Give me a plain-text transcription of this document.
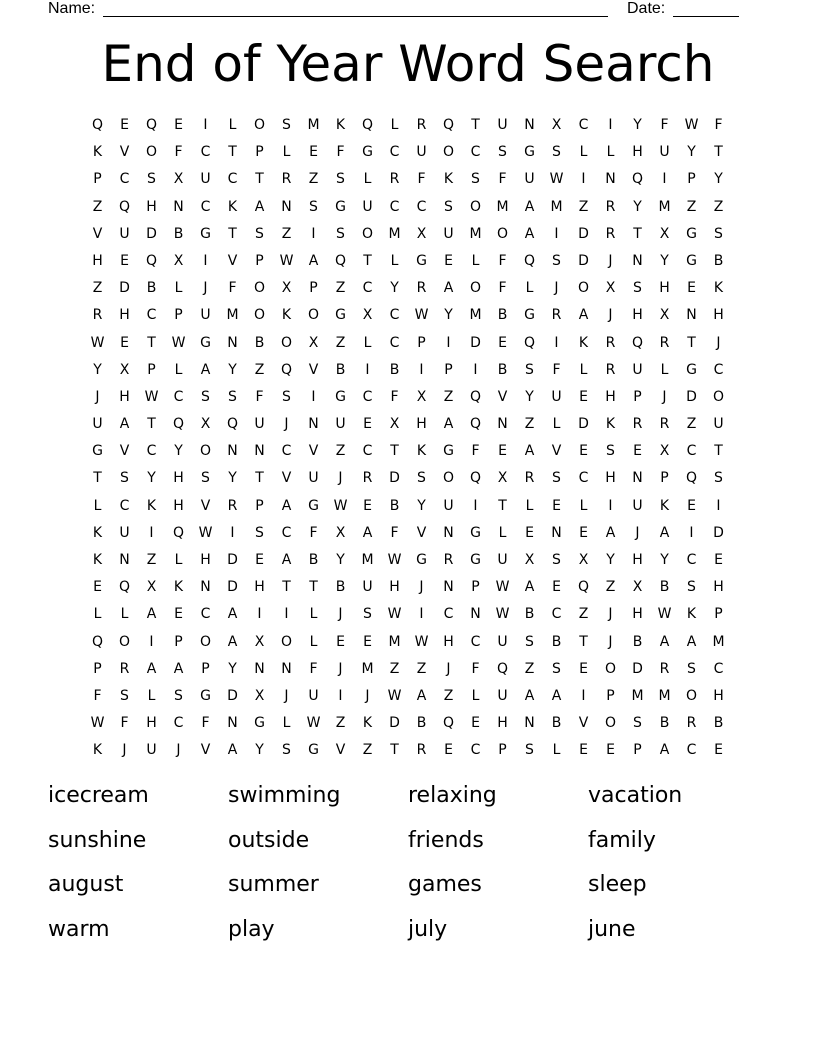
Name:	Date:
End of Year Word Search
Q	E	Q	E	I	L	O	S	M	K	Q	L	R	Q	T	U	N	X	C	I	Y	F	W	F
K	V	O	F	C	T	P	L	E	F	G	C	U	O	C	S	G	S	L	L	H	U	Y	T
P	C	S	X	U	C	T	R	Z	S	L	R	F	K	S	F	U	W	I	N	Q	I	P	Y
Z	Q	H	N	C	K	A	N	S	G	U	C	C	S	O	M	A	M	Z	R	Y	M	Z	Z
V	U	D	B	G	T	S	Z	I	S	O	M	X	U	M	O	A	I	D	R	T	X	G	S
H	E	Q	X	I	V	P	W	A	Q	T	L	G	E	L	F	Q	S	D	J	N	Y	G	B
Z	D	B	L	J	F	O	X	P	Z	C	Y	R	A	O	F	L	J	O	X	S	H	E	K
R	H	C	P	U	M	O	K	O	G	X	C	W	Y	M	B	G	R	A	J	H	X	N	H
W	E	T	W	G	N	B	O	X	Z	L	C	P	I	D	E	Q	I	K	R	Q	R	T	J
Y	X	P	L	A	Y	Z	Q	V	B	I	B	I	P	I	B	S	F	L	R	U	L	G	C
J	H	W	C	S	S	F	S	I	G	C	F	X	Z	Q	V	Y	U	E	H	P	J	D	O
U	A	T	Q	X	Q	U	J	N	U	E	X	H	A	Q	N	Z	L	D	K	R	R	Z	U
G	V	C	Y	O	N	N	C	V	Z	C	T	K	G	F	E	A	V	E	S	E	X	C	T
T	S	Y	H	S	Y	T	V	U	J	R	D	S	O	Q	X	R	S	C	H	N	P	Q	S
L	C	K	H	V	R	P	A	G	W	E	B	Y	U	I	T	L	E	L	I	U	K	E	I
K	U	I	Q	W	I	S	C	F	X	A	F	V	N	G	L	E	N	E	A	J	A	I	D
K	N	Z	L	H	D	E	A	B	Y	M	W	G	R	G	U	X	S	X	Y	H	Y	C	E
E	Q	X	K	N	D	H	T	T	B	U	H	J	N	P	W	A	E	Q	Z	X	B	S	H
L	L	A	E	C	A	I	I	L	J	S	W	I	C	N	W	B	C	Z	J	H	W	K	P
Q	O	I	P	O	A	X	O	L	E	E	M	W	H	C	U	S	B	T	J	B	A	A	M
P	R	A	A	P	Y	N	N	F	J	M	Z	Z	J	F	Q	Z	S	E	O	D	R	S	C
F	S	L	S	G	D	X	J	U	I	J	W	A	Z	L	U	A	A	I	P	M	M	O	H
W	F	H	C	F	N	G	L	W	Z	K	D	B	Q	E	H	N	B	V	O	S	B	R	B
K	J	U	J	V	A	Y	S	G	V	Z	T	R	E	C	P	S	L	E	E	P	A	C	E
icecream	swimming	relaxing	vacation
sunshine	outside	friends	family
august	summer	games	sleep
warm	play	july	june
